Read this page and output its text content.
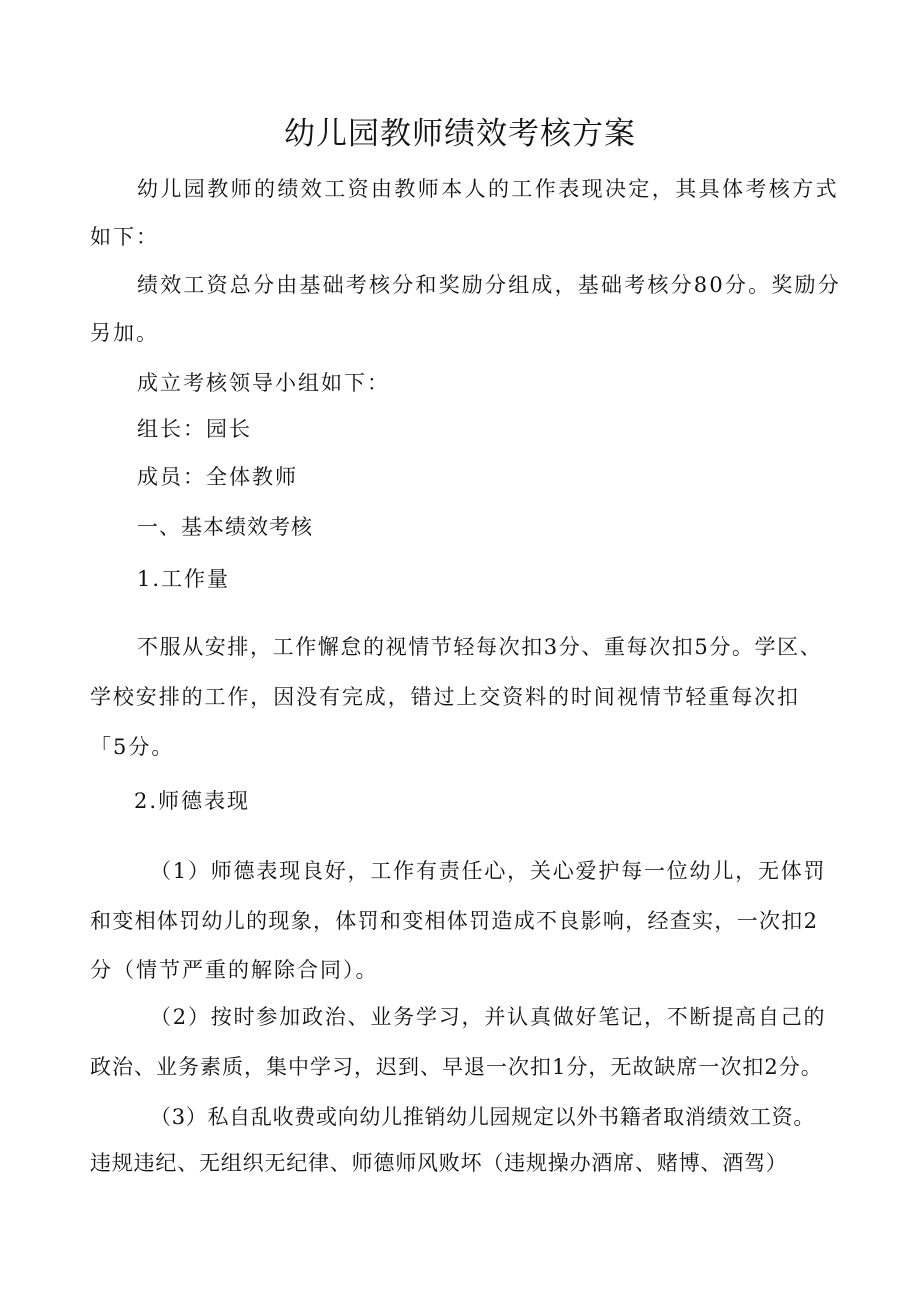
幼儿园教师绩效考核方案

幼儿园教师的绩效工资由教师本人的工作表现决定，其具体考核方式

如下：

绩效工资总分由基础考核分和奖励分组成，基础考核分80分。奖励分

另加。

成立考核领导小组如下：

组长：园长

成员：全体教师

一、基本绩效考核

1.工作量

不服从安排，工作懈怠的视情节轻每次扣3分、重每次扣5分。学区、

学校安排的工作，因没有完成，错过上交资料的时间视情节轻重每次扣

「5分。

2.师德表现

（1）师德表现良好，工作有责任心，关心爱护每一位幼儿，无体罚

和变相体罚幼儿的现象，体罚和变相体罚造成不良影响，经查实，一次扣2

分（情节严重的解除合同）。

（2）按时参加政治、业务学习，并认真做好笔记，不断提高自己的

政治、业务素质，集中学习，迟到、早退一次扣1分，无故缺席一次扣2分。

（3）私自乱收费或向幼儿推销幼儿园规定以外书籍者取消绩效工资。

违规违纪、无组织无纪律、师德师风败坏（违规操办酒席、赌博、酒驾）
